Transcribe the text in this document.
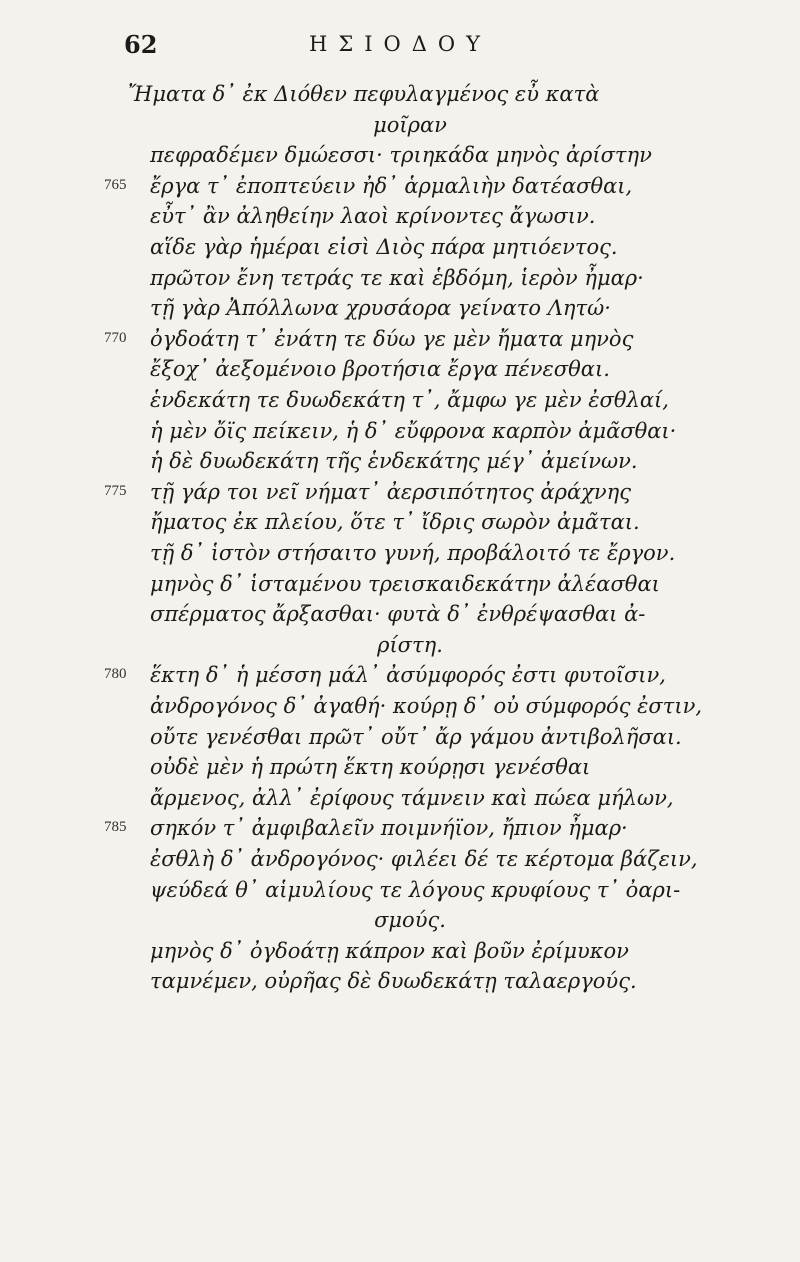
62	ΗΣΙΟΔΟΥ
Ἤματα δ᾽ ἐκ Διόθεν πεφυλαγμένος εὖ κατὰ
μοῖραν
πεφραδέμεν δμώεσσι· τριηκάδα μηνὸς ἀρίστην
765 ἔργα τ᾽ ἐποπτεύειν ἠδ᾽ ἁρμαλιὴν δατέασθαι,
εὖτ᾽ ἂν ἀληθείην λαοὶ κρίνοντες ἄγωσιν.
αἵδε γὰρ ἡμέραι εἰσὶ Διὸς πάρα μητιόεντος.
πρῶτον ἔνη τετράς τε καὶ ἑβδόμη, ἱερὸν ἦμαρ·
τῇ γὰρ Ἀπόλλωνα χρυσάορα γείνατο Λητώ·
770 ὀγδοάτη τ᾽ ἐνάτη τε δύω γε μὲν ἤματα μηνὸς
ἔξοχ᾽ ἀεξομένοιο βροτήσια ἔργα πένεσθαι.
ἑνδεκάτη τε δυωδεκάτη τ᾽, ἄμφω γε μὲν ἐσθλαί,
ἡ μὲν ὄϊς πείκειν, ἡ δ᾽ εὔφρονα καρπὸν ἀμᾶσθαι·
ἡ δὲ δυωδεκάτη τῆς ἑνδεκάτης μέγ᾽ ἀμείνων.
775 τῇ γάρ τοι νεῖ νήματ᾽ ἀερσιπότητος ἀράχνης
ἤματος ἐκ πλείου, ὅτε τ᾽ ἴδρις σωρὸν ἀμᾶται.
τῇ δ᾽ ἱστὸν στήσαιτο γυνή, προβάλοιτό τε ἔργον.
μηνὸς δ᾽ ἱσταμένου τρεισκαιδεκάτην ἀλέασθαι
σπέρματος ἄρξασθαι· φυτὰ δ᾽ ἐνθρέψασθαι ἀ-
ρίστη.
780 ἕκτη δ᾽ ἡ μέσση μάλ᾽ ἀσύμφορός ἐστι φυτοῖσιν,
ἀνδρογόνος δ᾽ ἀγαθή· κούρῃ δ᾽ οὐ σύμφορός ἐστιν,
οὔτε γενέσθαι πρῶτ᾽ οὔτ᾽ ἄρ γάμου ἀντιβολῆσαι.
οὐδὲ μὲν ἡ πρώτη ἕκτη κούρῃσι γενέσθαι
ἄρμενος, ἀλλ᾽ ἐρίφους τάμνειν καὶ πώεα μήλων,
785 σηκόν τ᾽ ἀμφιβαλεῖν ποιμνήϊον, ἤπιον ἦμαρ·
ἐσθλὴ δ᾽ ἀνδρογόνος· φιλέει δέ τε κέρτομα βάζειν,
ψεύδεά θ᾽ αἱμυλίους τε λόγους κρυφίους τ᾽ ὀαρι-
σμούς.
μηνὸς δ᾽ ὀγδοάτῃ κάπρον καὶ βοῦν ἐρίμυκον
ταμνέμεν, οὐρῆας δὲ δυωδεκάτῃ ταλαεργούς.
